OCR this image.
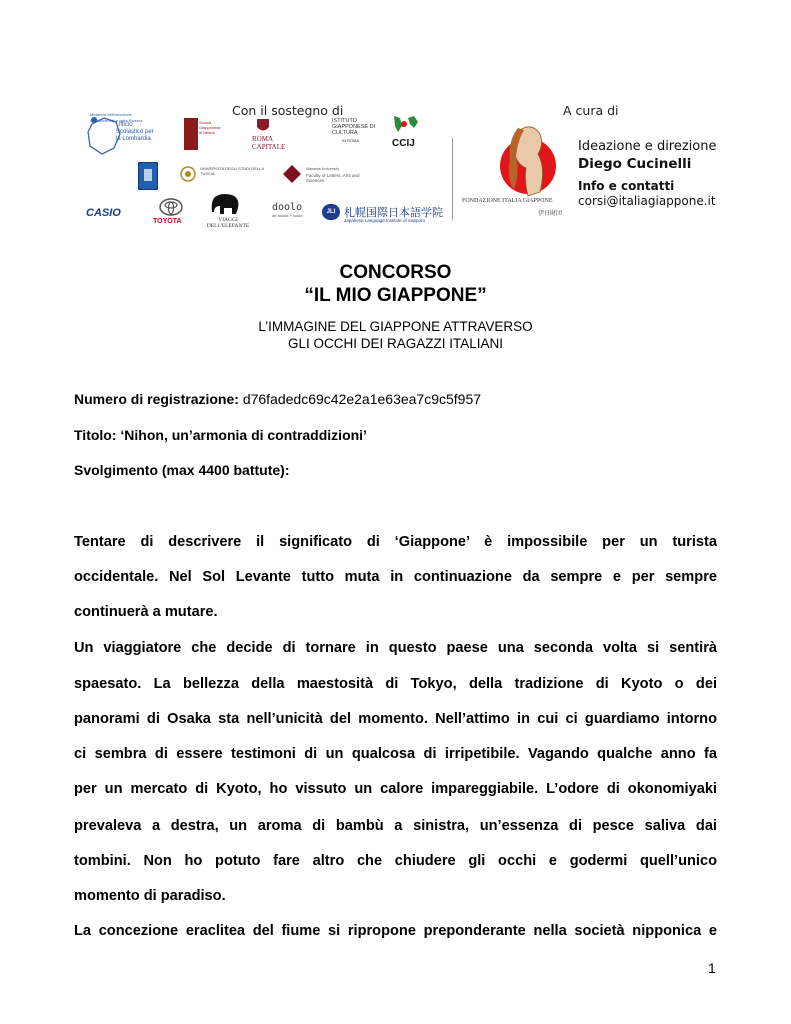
Con il sostegno di	A cura di
Ministero dell'Istruzione, dell'Università e della Ricerca
Ufficio Scolastico per la Lombardia
Scuola Giapponese di Milano
ROMA CAPITALE
ISTITUTO GIAPPONESE DI CULTURA
IN ROMA	CCIJ
UNIVERSITÀ DEGLI STUDI DELLA TUSCIA
Waseda University
Faculty of Letters, Arts and Sciences
CASIO
TOYOTA	VIAGGI DELL'ELEFANTE
doolo
art books + sushi
JLI 札幌国際日本語学院
Japanese Language Institute of Sapporo
FONDAZIONE ITALIA GIAPPONE
伊日財団
Ideazione e direzione
Diego Cucinelli
Info e contatti
corsi@italiagiappone.it
CONCORSO
“IL MIO GIAPPONE”
L’IMMAGINE DEL GIAPPONE ATTRAVERSO
GLI OCCHI DEI RAGAZZI ITALIANI
Numero di registrazione: d76fadedc69c42e2a1e63ea7c9c5f957
Titolo: ‘Nihon, un’armonia di contraddizioni’
Svolgimento (max 4400 battute):
Tentare di descrivere il significato di ‘Giappone’ è impossibile per un turista
occidentale. Nel Sol Levante tutto muta in continuazione da sempre e per sempre
continuerà a mutare.
Un viaggiatore che decide di tornare in questo paese una seconda volta si sentirà
spaesato. La bellezza della maestosità di Tokyo, della tradizione di Kyoto o dei
panorami di Osaka sta nell’unicità del momento. Nell’attimo in cui ci guardiamo intorno
ci sembra di essere testimoni di un qualcosa di irripetibile. Vagando qualche anno fa
per un mercato di Kyoto, ho vissuto un calore impareggiabile. L’odore di okonomiyaki
prevaleva a destra, un aroma di bambù a sinistra, un’essenza di pesce saliva dai
tombini. Non ho potuto fare altro che chiudere gli occhi e godermi quell’unico
momento di paradiso.
La concezione eraclitea del fiume si ripropone preponderante nella società nipponica e
1
